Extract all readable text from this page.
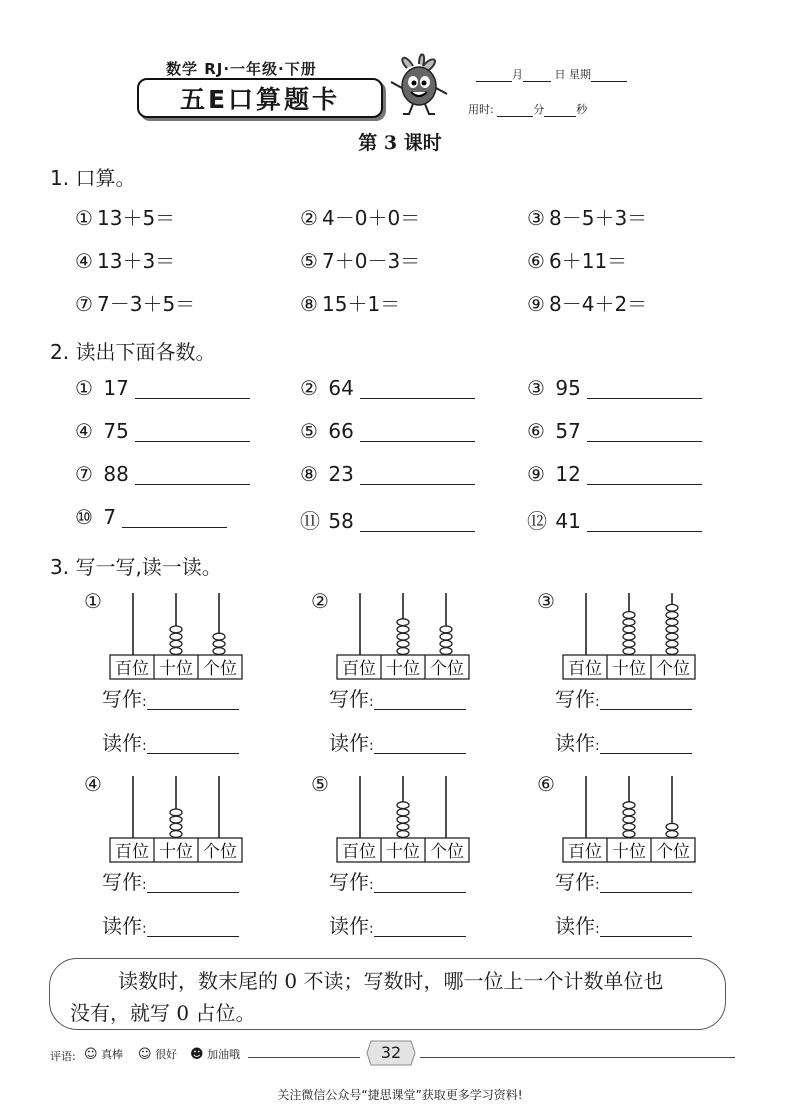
数学 RJ·一年级·下册
五E口算题卡
月	日 星期
用时:	分	秒
第 3 课时
1. 口算。
① 13＋5＝	② 4－0＋0＝	③ 8－5＋3＝
④ 13＋3＝	⑤ 7＋0－3＝	⑥ 6＋11＝
⑦ 7－3＋5＝	⑧ 15＋1＝	⑨ 8－4＋2＝
2. 读出下面各数。
① 17	② 64	③ 95
④ 75	⑤ 66	⑥ 57
⑦ 88	⑧ 23	⑨ 12
⑩ 7	⑪ 58	⑫ 41
3. 写一写,读一读。
①
百位 十位 个位
写作:
读作:
②
百位 十位 个位
写作:
读作:
③
百位 十位 个位
写作:
读作:
④
百位 十位 个位
写作:
读作:
⑤
百位 十位 个位
写作:
读作:
⑥
百位 十位 个位
写作:
读作:
读数时，数末尾的 0 不读；写数时，哪一位上一个计数单位也
没有，就写 0 占位。
评语: ☺ 真棒 ☺ 很好 ☻ 加油哦	32
关注微信公众号“捷思课堂”获取更多学习资料!
